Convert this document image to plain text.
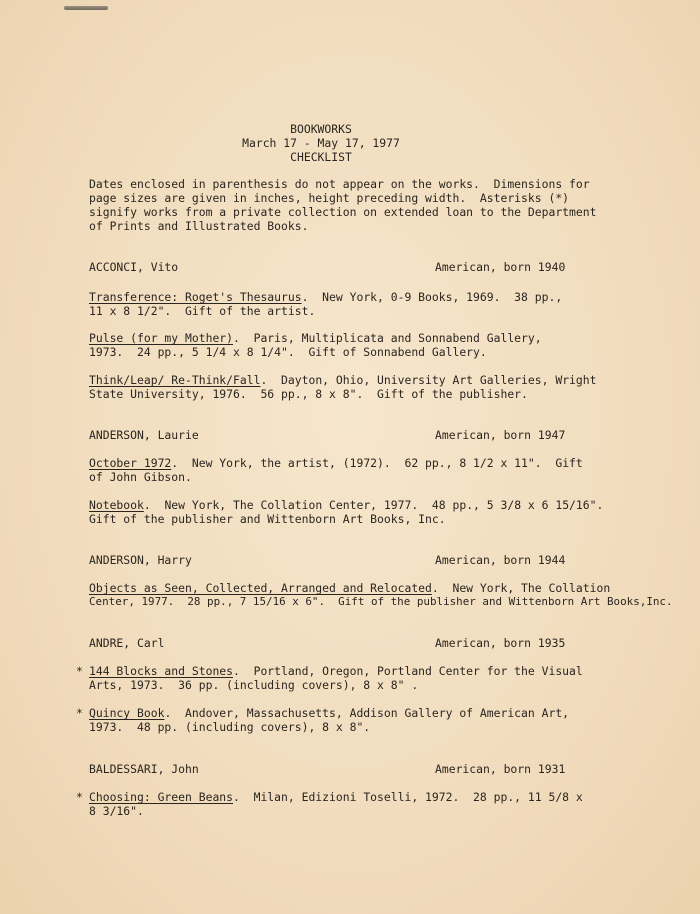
BOOKWORKS
March 17 - May 17, 1977
CHECKLIST
Dates enclosed in parenthesis do not appear on the works.  Dimensions for
page sizes are given in inches, height preceding width.  Asterisks (*)
signify works from a private collection on extended loan to the Department
of Prints and Illustrated Books.
ACCONCI, Vito	American, born 1940
Transference: Roget's Thesaurus.  New York, 0-9 Books, 1969.  38 pp.,
11 x 8 1/2".  Gift of the artist.
Pulse (for my Mother).  Paris, Multiplicata and Sonnabend Gallery,
1973.  24 pp., 5 1/4 x 8 1/4".  Gift of Sonnabend Gallery.
Think/Leap/ Re-Think/Fall.  Dayton, Ohio, University Art Galleries, Wright
State University, 1976.  56 pp., 8 x 8".  Gift of the publisher.
ANDERSON, Laurie	American, born 1947
October 1972.  New York, the artist, (1972).  62 pp., 8 1/2 x 11".  Gift
of John Gibson.
Notebook.  New York, The Collation Center, 1977.  48 pp., 5 3/8 x 6 15/16".
Gift of the publisher and Wittenborn Art Books, Inc.
ANDERSON, Harry	American, born 1944
Objects as Seen, Collected, Arranged and Relocated.  New York, The Collation
Center, 1977.  28 pp., 7 15/16 x 6".  Gift of the publisher and Wittenborn Art Books,Inc.
ANDRE, Carl	American, born 1935
* 144 Blocks and Stones.  Portland, Oregon, Portland Center for the Visual
Arts, 1973.  36 pp. (including covers), 8 x 8" .
* Quincy Book.  Andover, Massachusetts, Addison Gallery of American Art,
1973.  48 pp. (including covers), 8 x 8".
BALDESSARI, John	American, born 1931
* Choosing: Green Beans.  Milan, Edizioni Toselli, 1972.  28 pp., 11 5/8 x
8 3/16".
